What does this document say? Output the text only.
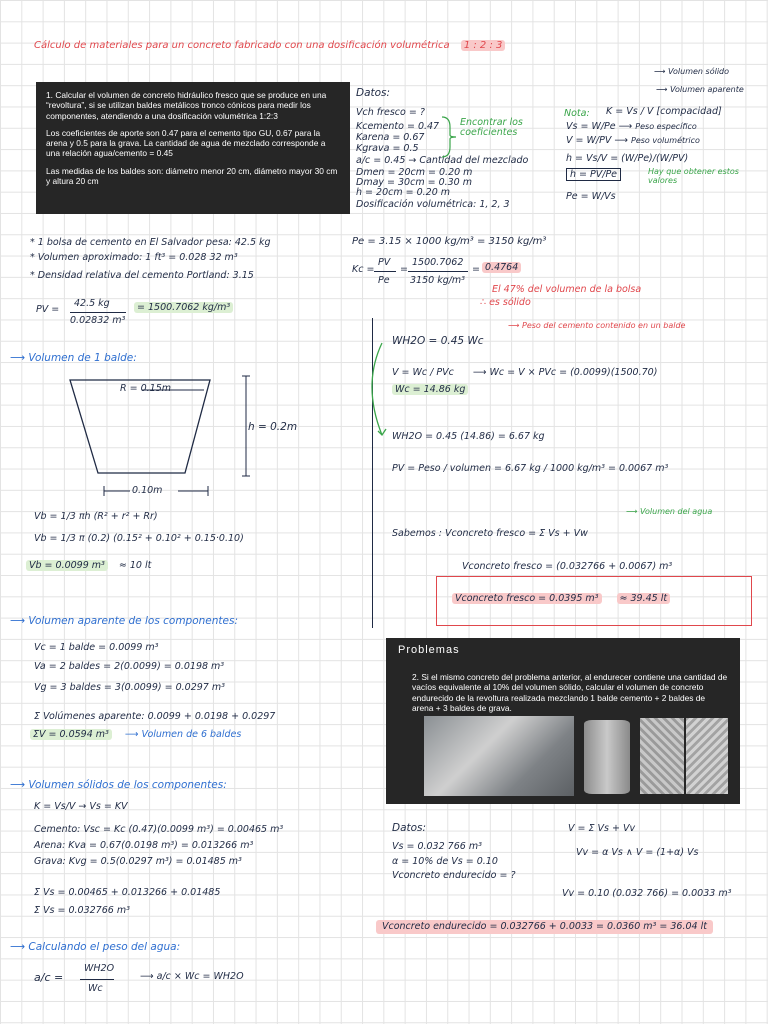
Cálculo de materiales para un concreto fabricado con una dosificación volumétrica 1 : 2 : 3

1. Calcular el volumen de concreto hidráulico fresco que se produce en una “revoltura”, si se utilizan baldes metálicos tronco cónicos para medir los componentes, atendiendo a una dosificación volumétrica 1:2:3

Los coeficientes de aporte son 0.47 para el cemento tipo GU, 0.67 para la arena y 0.5 para la grava. La cantidad de agua de mezclado corresponde a una relación agua/cemento = 0.45

Las medidas de los baldes son: diámetro menor 20 cm, diámetro mayor 30 cm y altura 20 cm

Datos:
Vch fresco = ?
Kcemento = 0.47
Karena = 0.67
Kgrava = 0.5
a/c = 0.45 → Cantidad del mezclado
Dmen = 20cm = 0.20 m
Dmay = 30cm = 0.30 m
h = 20cm = 0.20 m
Dosificación volumétrica: 1, 2, 3
Encontrar los coeficientes
⟶ Volumen sólido
⟶ Volumen aparente
Nota: K = Vs / V [compacidad]
Vs = W/Pe ⟶ Peso específico
V = W/PV ⟶ Peso volumétrico
h = Vs/V = (W/Pe)/(W/PV)
h = PV/Pe	Hay que obtener estos valores
Pe = W/Vs
* 1 bolsa de cemento en El Salvador pesa: 42.5 kg
* Volumen aproximado: 1 ft³ = 0.028 32 m³
* Densidad relativa del cemento Portland: 3.15
PV =
42.5 kg
0.02832 m³
= 1500.7062 kg/m³
Pe = 3.15 × 1000 kg/m³ = 3150 kg/m³
Kc =
PV
Pe
=
1500.7062
3150 kg/m³
= 0.4764
El 47% del volumen de la bolsa
∴ es sólido
⟶ Volumen de 1 balde:
R = 0.15m
h = 0.2m
0.10m
Vb = 1/3 πh (R² + r² + Rr)
Vb = 1/3 π (0.2) (0.15² + 0.10² + 0.15·0.10)
Vb = 0.0099 m³ ≈ 10 lt
⟶ Peso del cemento contenido en un balde
WH2O = 0.45 Wc
V = Wc / PVc ⟶ Wc = V × PVc = (0.0099)(1500.70)
Wc = 14.86 kg
WH2O = 0.45 (14.86) = 6.67 kg
PV = Peso / volumen = 6.67 kg / 1000 kg/m³ = 0.0067 m³
⟶ Volumen del agua
Sabemos : Vconcreto fresco = Σ Vs + Vw
Vconcreto fresco = (0.032766 + 0.0067) m³
Vconcreto fresco = 0.0395 m³ ≈ 39.45 lt
⟶ Volumen aparente de los componentes:
Vc = 1 balde = 0.0099 m³
Va = 2 baldes = 2(0.0099) = 0.0198 m³
Vg = 3 baldes = 3(0.0099) = 0.0297 m³
Σ Volúmenes aparente: 0.0099 + 0.0198 + 0.0297
ΣV = 0.0594 m³ ⟶ Volumen de 6 baldes
Problemas

2. Si el mismo concreto del problema anterior, al endurecer contiene una cantidad de vacíos equivalente al 10% del volumen sólido, calcular el volumen de concreto endurecido de la revoltura realizada mezclando 1 balde cemento + 2 baldes de arena + 3 baldes de grava.

⟶ Volumen sólidos de los componentes:
K = Vs/V → Vs = KV
Cemento: Vsc = Kc (0.47)(0.0099 m³) = 0.00465 m³
Arena: Kva = 0.67(0.0198 m³) = 0.013266 m³
Grava: Kvg = 0.5(0.0297 m³) = 0.01485 m³
Σ Vs = 0.00465 + 0.013266 + 0.01485
Σ Vs = 0.032766 m³
Datos:
Vs = 0.032 766 m³
α = 10% de Vs = 0.10
Vconcreto endurecido = ?
V = Σ Vs + Vv
Vv = α Vs ∧ V = (1+α) Vs
Vv = 0.10 (0.032 766) = 0.0033 m³
Vconcreto endurecido = 0.032766 + 0.0033 = 0.0360 m³ = 36.04 lt
⟶ Calculando el peso del agua:
a/c =
WH2O
Wc
⟶ a/c × Wc = WH2O
